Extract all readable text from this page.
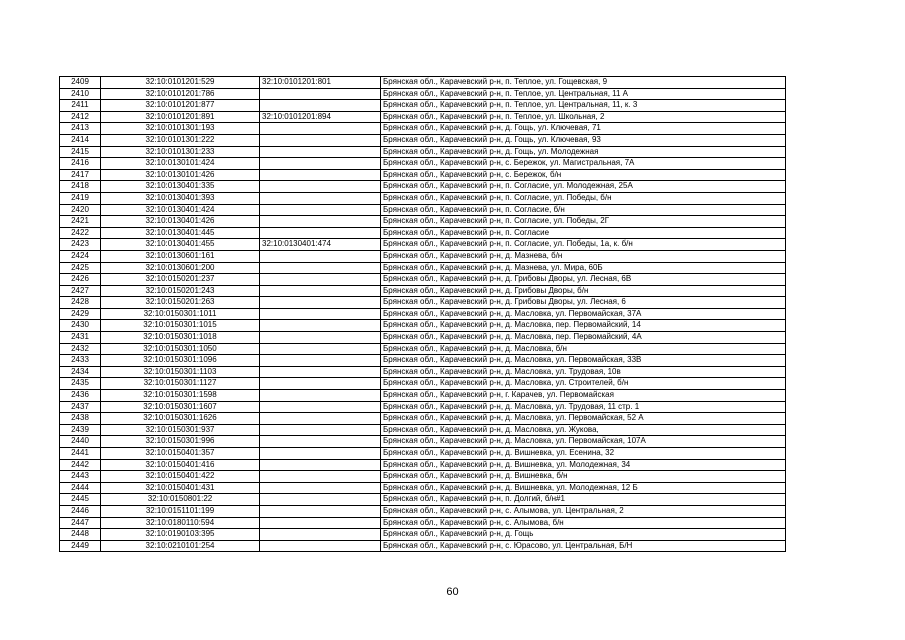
2409	32:10:0101201:529	32:10:0101201:801	Брянская обл., Карачевский р-н, п. Теплое, ул. Гощевская, 9
2410	32:10:0101201:786		Брянская обл., Карачевский р-н, п. Теплое, ул. Центральная, 11 А
2411	32:10:0101201:877		Брянская обл., Карачевский р-н, п. Теплое, ул. Центральная, 11, к. 3
2412	32:10:0101201:891	32:10:0101201:894	Брянская обл., Карачевский р-н, п. Теплое, ул. Школьная, 2
2413	32:10:0101301:193		Брянская обл., Карачевский р-н, д. Гощь, ул. Ключевая, 71
2414	32:10:0101301:222		Брянская обл., Карачевский р-н, д. Гощь, ул. Ключевая, 93
2415	32:10:0101301:233		Брянская обл., Карачевский р-н, д. Гощь, ул. Молодежная
2416	32:10:0130101:424		Брянская обл., Карачевский р-н, с. Бережок, ул. Магистральная, 7А
2417	32:10:0130101:426		Брянская обл., Карачевский р-н, с. Бережок, б/н
2418	32:10:0130401:335		Брянская обл., Карачевский р-н, п. Согласие, ул. Молодежная, 25А
2419	32:10:0130401:393		Брянская обл., Карачевский р-н, п. Согласие, ул. Победы, б/н
2420	32:10:0130401:424		Брянская обл., Карачевский р-н, п. Согласие, б/н
2421	32:10:0130401:426		Брянская обл., Карачевский р-н, п. Согласие, ул. Победы, 2Г
2422	32:10:0130401:445		Брянская обл., Карачевский р-н, п. Согласие
2423	32:10:0130401:455	32:10:0130401:474	Брянская обл., Карачевский р-н, п. Согласие, ул. Победы, 1а, к. б/н
2424	32:10:0130601:161		Брянская обл., Карачевский р-н, д. Мазнева, б/н
2425	32:10:0130601:200		Брянская обл., Карачевский р-н, д. Мазнева, ул. Мира, 60Б
2426	32:10:0150201:237		Брянская обл., Карачевский р-н, д. Грибовы Дворы, ул. Лесная, 6В
2427	32:10:0150201:243		Брянская обл., Карачевский р-н, д. Грибовы Дворы, б/н
2428	32:10:0150201:263		Брянская обл., Карачевский р-н, д. Грибовы Дворы, ул. Лесная, 6
2429	32:10:0150301:1011		Брянская обл., Карачевский р-н, д. Масловка, ул. Первомайская, 37А
2430	32:10:0150301:1015		Брянская обл., Карачевский р-н, д. Масловка, пер. Первомайский, 14
2431	32:10:0150301:1018		Брянская обл., Карачевский р-н, д. Масловка, пер. Первомайский, 4А
2432	32:10:0150301:1050		Брянская обл., Карачевский р-н, д. Масловка, б/н
2433	32:10:0150301:1096		Брянская обл., Карачевский р-н, д. Масловка, ул. Первомайская, 33В
2434	32:10:0150301:1103		Брянская обл., Карачевский р-н, д. Масловка, ул. Трудовая, 10в
2435	32:10:0150301:1127		Брянская обл., Карачевский р-н, д. Масловка, ул. Строителей, б/н
2436	32:10:0150301:1598		Брянская обл., Карачевский р-н, г. Карачев, ул. Первомайская
2437	32:10:0150301:1607		Брянская обл., Карачевский р-н, д. Масловка, ул. Трудовая, 11 стр. 1
2438	32:10:0150301:1626		Брянская обл., Карачевский р-н, д. Масловка, ул. Первомайская, 52 А
2439	32:10:0150301:937		Брянская обл., Карачевский р-н, д. Масловка, ул. Жукова,
2440	32:10:0150301:996		Брянская обл., Карачевский р-н, д. Масловка, ул. Первомайская, 107А
2441	32:10:0150401:357		Брянская обл., Карачевский р-н, д. Вишневка, ул. Есенина, 32
2442	32:10:0150401:416		Брянская обл., Карачевский р-н, д. Вишневка, ул. Молодежная, 34
2443	32:10:0150401:422		Брянская обл., Карачевский р-н, д. Вишневка, б/н
2444	32:10:0150401:431		Брянская обл., Карачевский р-н, д. Вишневка, ул. Молодежная, 12 Б
2445	32:10:0150801:22		Брянская обл., Карачевский р-н, п. Долгий, б/н#1
2446	32:10:0151101:199		Брянская обл., Карачевский р-н, с. Алымова, ул. Центральная, 2
2447	32:10:0180110:594		Брянская обл., Карачевский р-н, с. Алымова, б/н
2448	32:10:0190103:395		Брянская обл., Карачевский р-н, д. Гощь
2449	32:10:0210101:254		Брянская обл., Карачевский р-н, с. Юрасово, ул. Центральная, Б/Н
60
